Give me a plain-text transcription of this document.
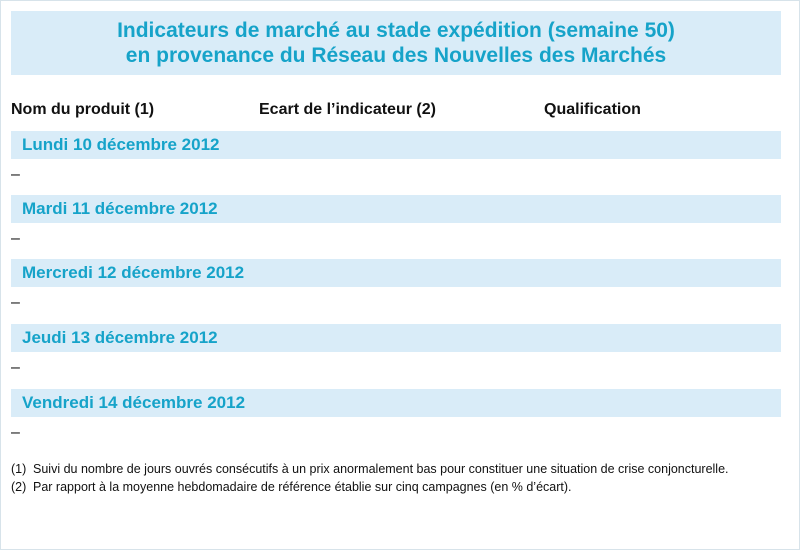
Indicateurs de marché au stade expédition (semaine 50)
en provenance du Réseau des Nouvelles des Marchés
Nom du produit (1)	Ecart de l’indicateur (2)	Qualification
Lundi 10 décembre 2012
–
Mardi 11 décembre 2012
–
Mercredi 12 décembre 2012
–
Jeudi 13 décembre 2012
–
Vendredi 14 décembre 2012
–
(1) Suivi du nombre de jours ouvrés consécutifs à un prix anormalement bas pour constituer une situation de crise conjoncturelle.
(2) Par rapport à la moyenne hebdomadaire de référence établie sur cinq campagnes (en % d’écart).
